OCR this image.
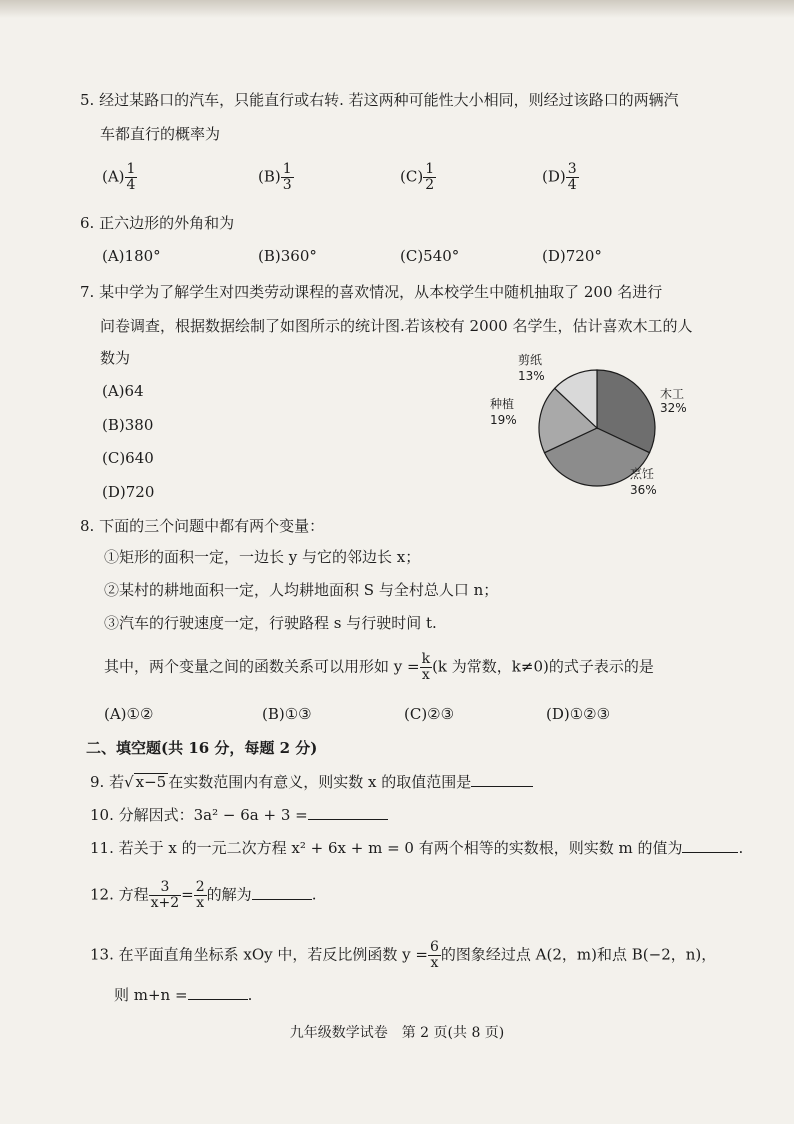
5. 经过某路口的汽车，只能直行或右转. 若这两种可能性大小相同，则经过该路口的两辆汽
车都直行的概率为
$(A) \frac{1}{4}$	$(B) \frac{1}{3}$	$(C) \frac{1}{2}$	$(D) \frac{3}{4}$
6. 正六边形的外角和为
(A)180°	(B)360°	(C)540°	(D)720°
7. 某中学为了解学生对四类劳动课程的喜欢情况，从本校学生中随机抽取了 200 名进行
问卷调查，根据数据绘制了如图所示的统计图.若该校有 2000 名学生，估计喜欢木工的人
数为
(A)64
(B)380
(C)640
(D)720
木工
32%
烹饪
36%
种植
19%
剪纸
13%
8. 下面的三个问题中都有两个变量：
①矩形的面积一定，一边长 y 与它的邻边长 x；
②某村的耕地面积一定，人均耕地面积 S 与全村总人口 n；
③汽车的行驶速度一定，行驶路程 s 与行驶时间 t.
其中，两个变量之间的函数关系可以用形如 $y = \frac{k}{x} (k$ 为常数，k≠0)的式子表示的是
(A)①②	(B)①③	(C)②③	(D)①②③
二、填空题(共 16 分，每题 2 分)
9. 若√ x−5 在实数范围内有意义，则实数 x 的取值范围是
10. 分解因式：3a² − 6a + 3 =
11. 若关于 x 的一元二次方程 x² + 6x + m = 0 有两个相等的实数根，则实数 m 的值为	.
12. 方程 $\frac{3}{x+2} = \frac{2}{x}$ 的解为	.
13. 在平面直角坐标系 xOy 中，若反比例函数 $y = \frac{6}{x}$ 的图象经过点 A(2，m)和点 B(−2，n)，
则 m+n =	.
九年级数学试卷　第 2 页(共 8 页)
